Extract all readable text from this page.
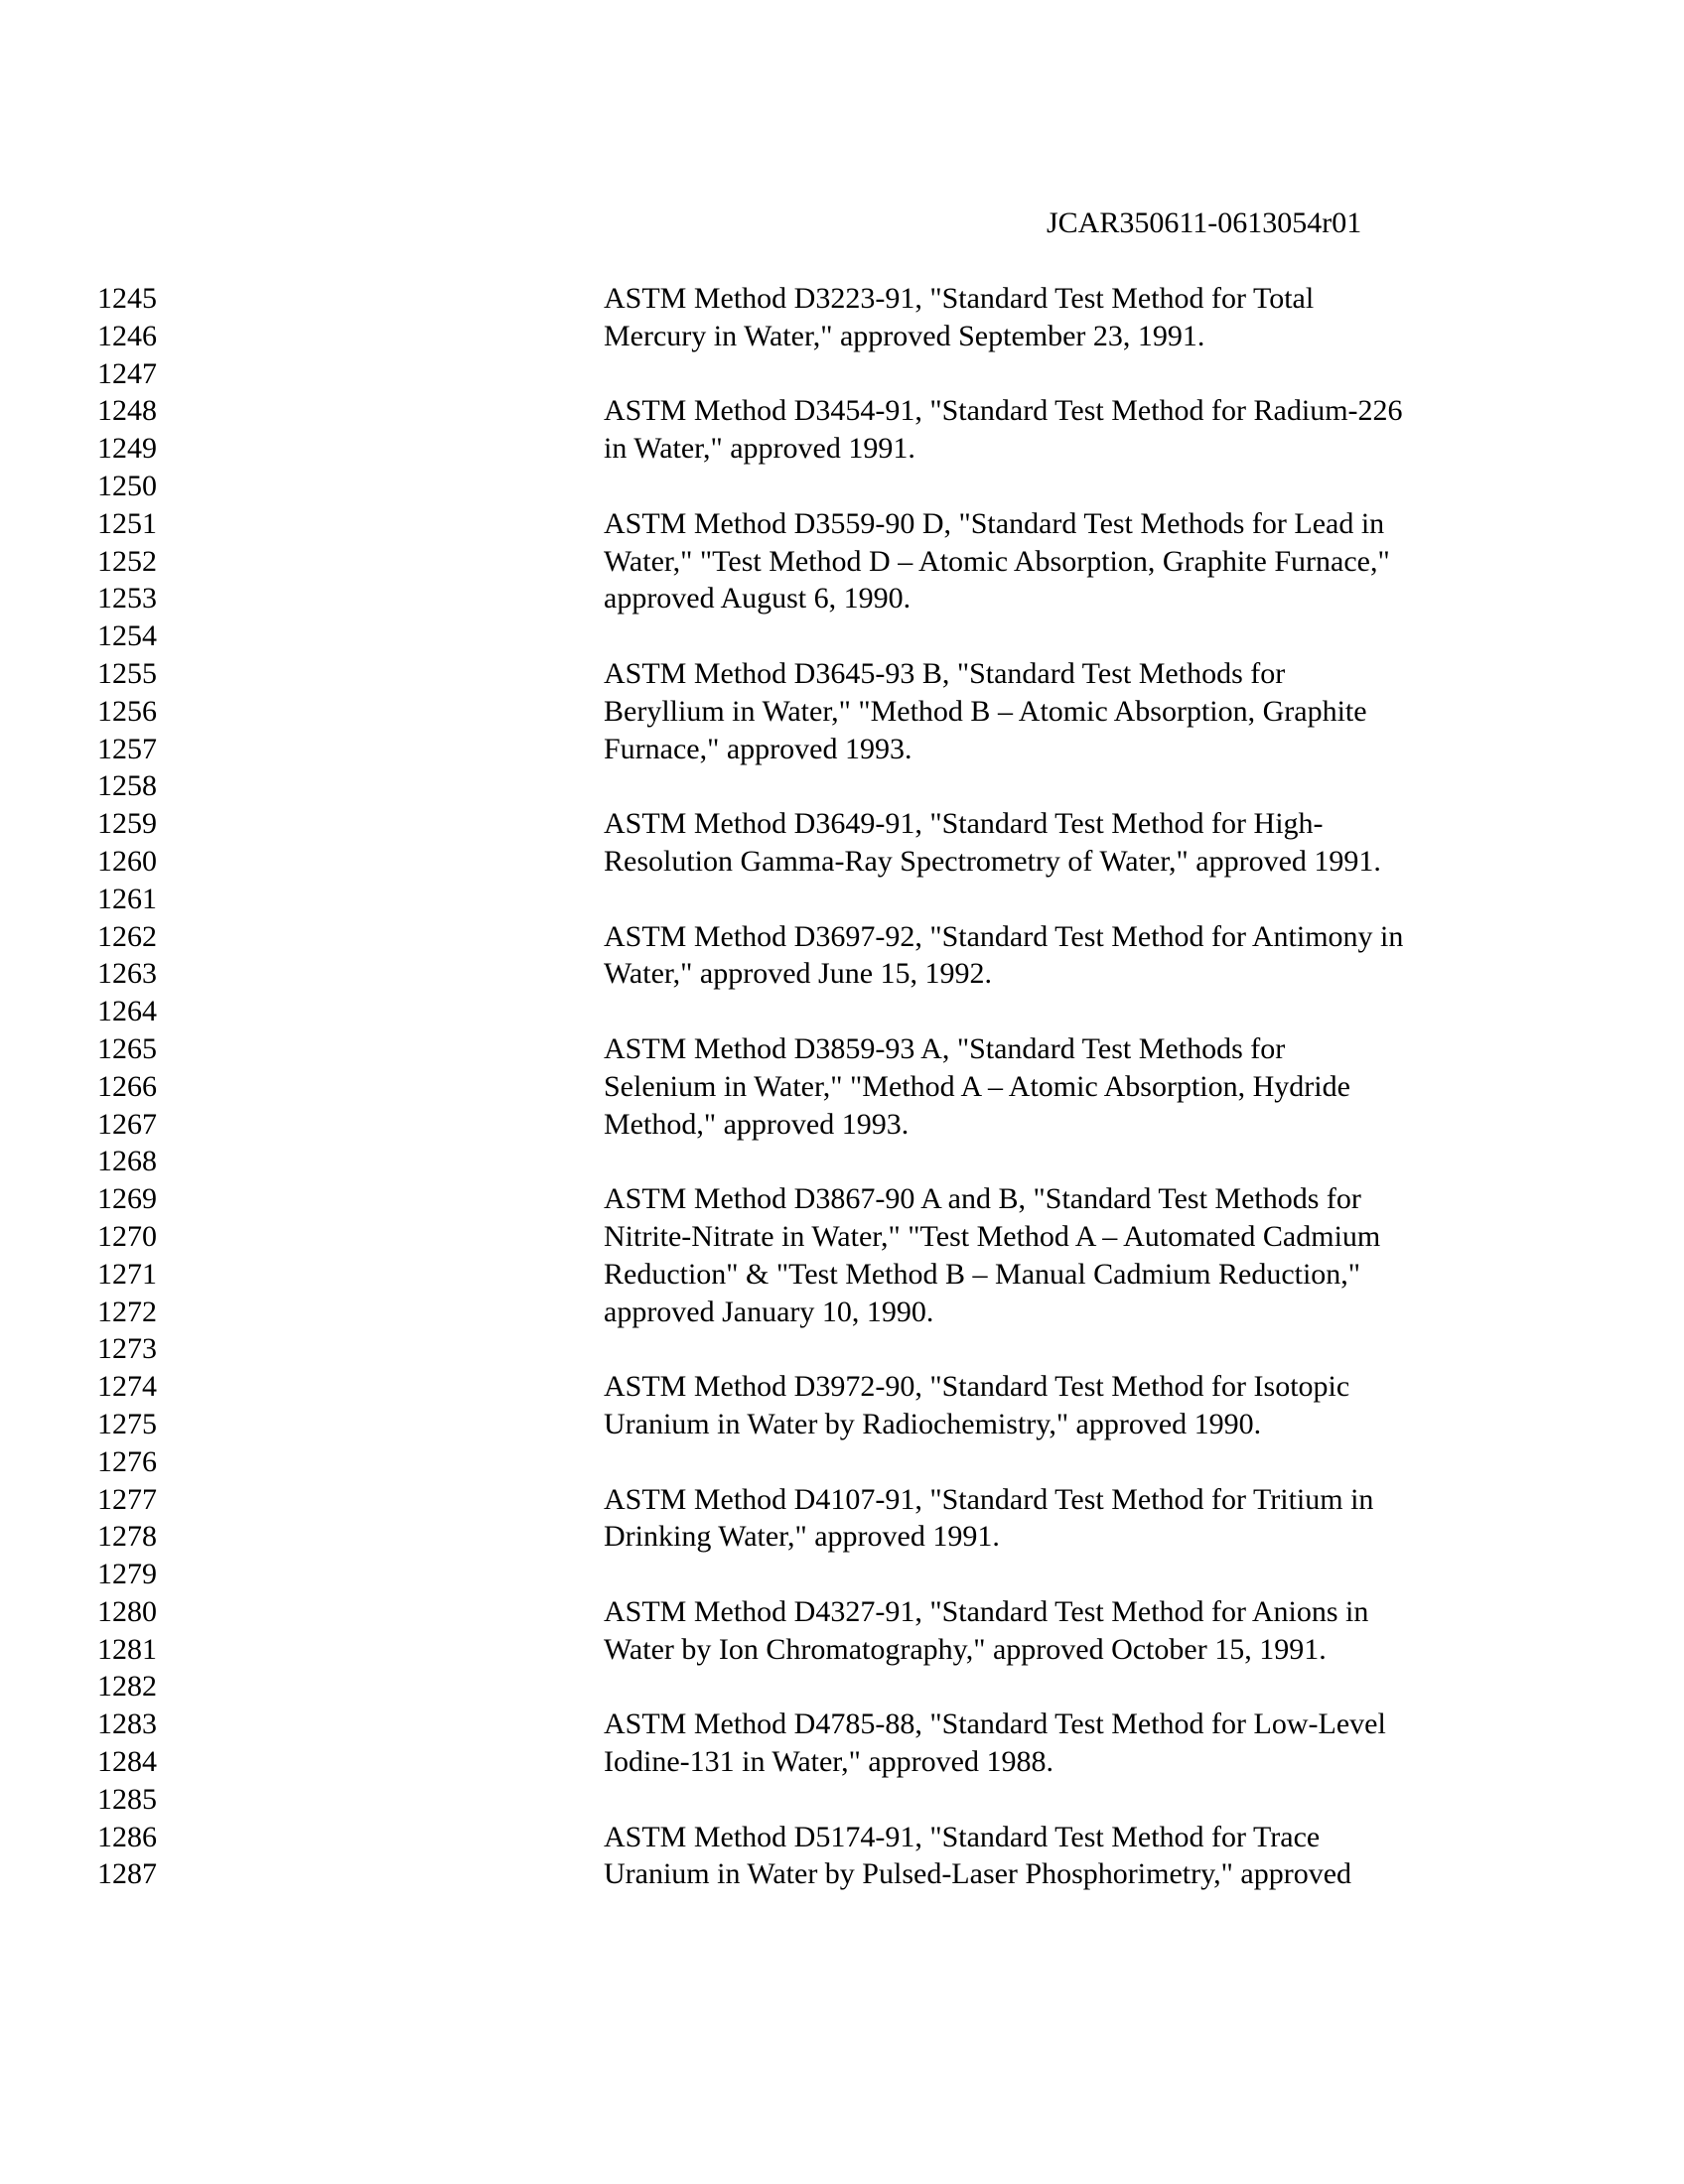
JCAR350611-0613054r01
1245
1246
1247
1248
1249
1250
1251
1252
1253
1254
1255
1256
1257
1258
1259
1260
1261
1262
1263
1264
1265
1266
1267
1268
1269
1270
1271
1272
1273
1274
1275
1276
1277
1278
1279
1280
1281
1282
1283
1284
1285
1286
1287
ASTM Method D3223-91, "Standard Test Method for Total
Mercury in Water," approved September 23, 1991.
ASTM Method D3454-91, "Standard Test Method for Radium-226
in Water," approved 1991.
ASTM Method D3559-90 D, "Standard Test Methods for Lead in
Water," "Test Method D – Atomic Absorption, Graphite Furnace,"
approved August 6, 1990.
ASTM Method D3645-93 B, "Standard Test Methods for
Beryllium in Water," "Method B – Atomic Absorption, Graphite
Furnace," approved 1993.
ASTM Method D3649-91, "Standard Test Method for High-
Resolution Gamma-Ray Spectrometry of Water," approved 1991.
ASTM Method D3697-92, "Standard Test Method for Antimony in
Water," approved June 15, 1992.
ASTM Method D3859-93 A, "Standard Test Methods for
Selenium in Water," "Method A – Atomic Absorption, Hydride
Method," approved 1993.
ASTM Method D3867-90 A and B, "Standard Test Methods for
Nitrite-Nitrate in Water," "Test Method A – Automated Cadmium
Reduction" & "Test Method B – Manual Cadmium Reduction,"
approved January 10, 1990.
ASTM Method D3972-90, "Standard Test Method for Isotopic
Uranium in Water by Radiochemistry," approved 1990.
ASTM Method D4107-91, "Standard Test Method for Tritium in
Drinking Water," approved 1991.
ASTM Method D4327-91, "Standard Test Method for Anions in
Water by Ion Chromatography," approved October 15, 1991.
ASTM Method D4785-88, "Standard Test Method for Low-Level
Iodine-131 in Water," approved 1988.
ASTM Method D5174-91, "Standard Test Method for Trace
Uranium in Water by Pulsed-Laser Phosphorimetry," approved
